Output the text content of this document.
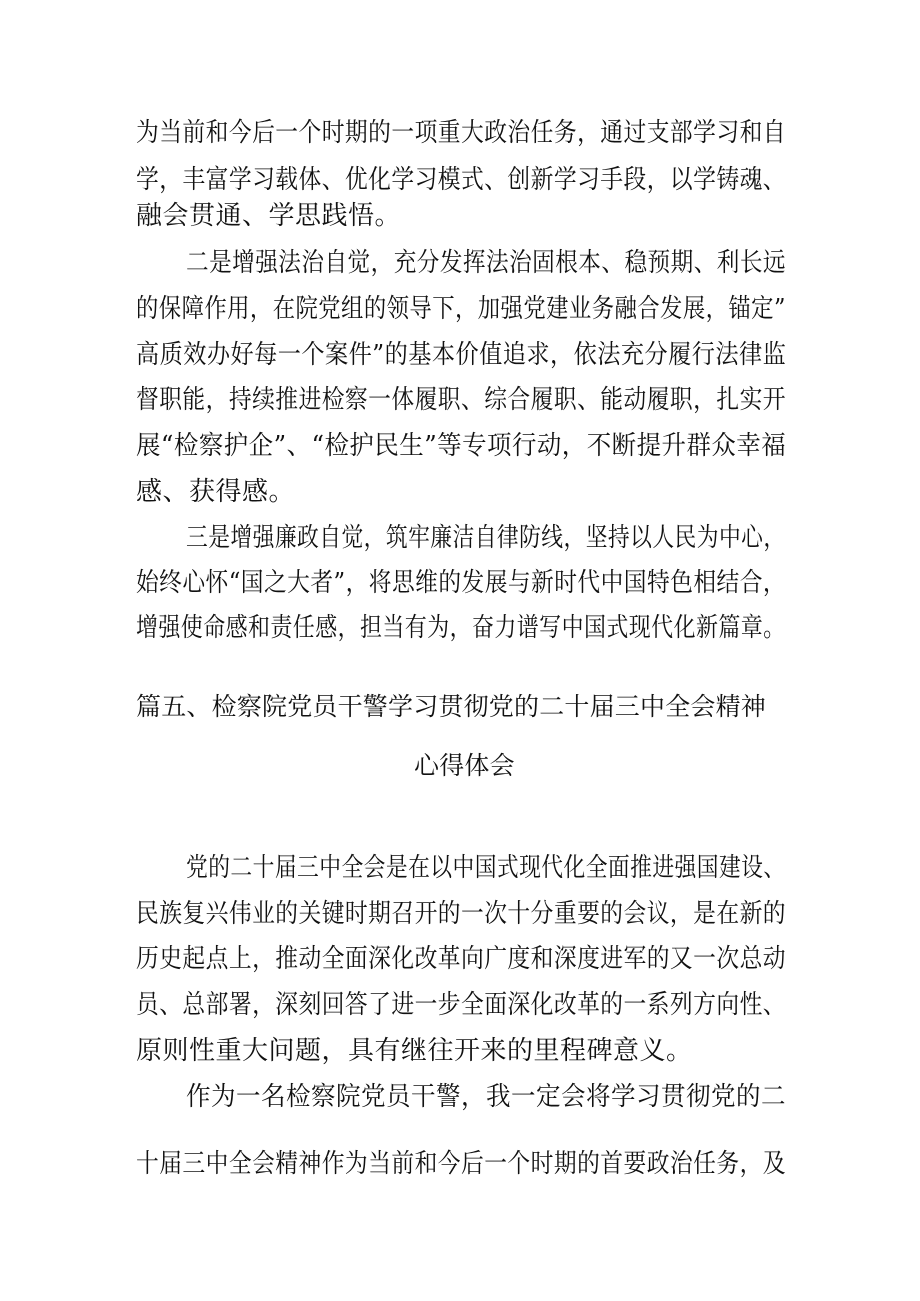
为当前和今后一个时期的一项重大政治任务，通过支部学习和自
学，丰富学习载体、优化学习模式、创新学习手段，以学铸魂、
融会贯通、学思践悟。
二是增强法治自觉，充分发挥法治固根本、稳预期、利长远
的保障作用，在院党组的领导下，加强党建业务融合发展，锚定”
高质效办好每一个案件”的基本价值追求，依法充分履行法律监
督职能，持续推进检察一体履职、综合履职、能动履职，扎实开
展“检察护企”、“检护民生”等专项行动，不断提升群众幸福
感、获得感。
三是增强廉政自觉，筑牢廉洁自律防线，坚持以人民为中心，
始终心怀“国之大者”，将思维的发展与新时代中国特色相结合，
增强使命感和责任感，担当有为，奋力谱写中国式现代化新篇章。
篇五、检察院党员干警学习贯彻党的二十届三中全会精神
心得体会
党的二十届三中全会是在以中国式现代化全面推进强国建设、
民族复兴伟业的关键时期召开的一次十分重要的会议，是在新的
历史起点上，推动全面深化改革向广度和深度进军的又一次总动
员、总部署，深刻回答了进一步全面深化改革的一系列方向性、
原则性重大问题，具有继往开来的里程碑意义。
作为一名检察院党员干警，我一定会将学习贯彻党的二
十届三中全会精神作为当前和今后一个时期的首要政治任务，及
